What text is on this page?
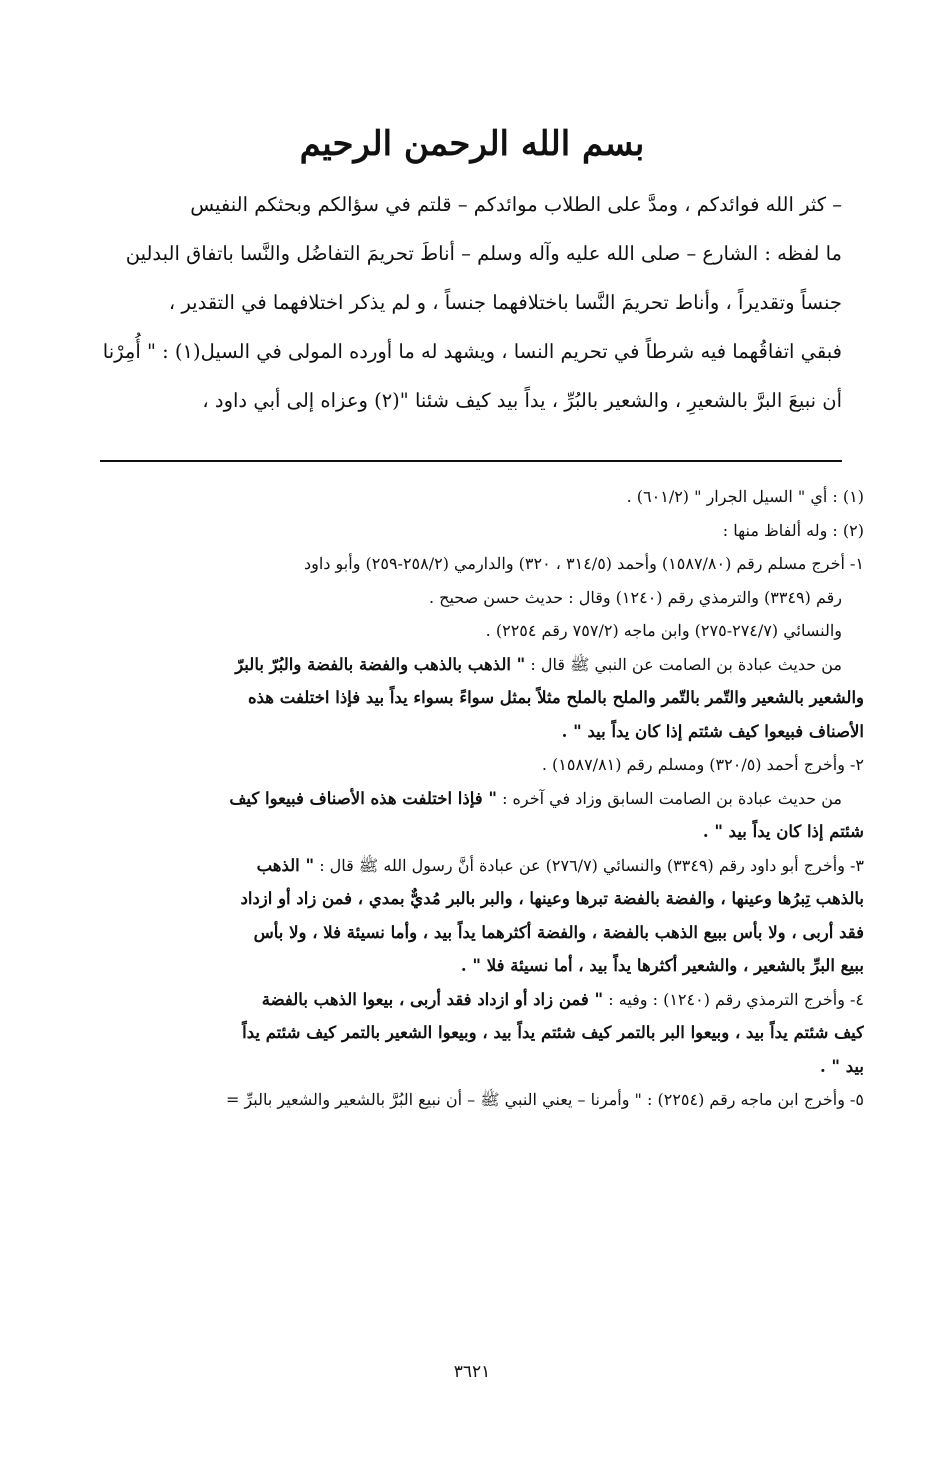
بسم الله الرحمن الرحيم
– كثر الله فوائدكم ، ومدَّ على الطلاب موائدكم – قلتم في سؤالكم وبحثكم النفيس
ما لفظه : الشارع – صلى الله عليه وآله وسلم – أناطَ تحريمَ التفاضُل والنَّسا باتفاق البدلين
جنساً وتقديراً ، وأناط تحريمَ النَّسا باختلافهما جنساً ، و لم يذكر اختلافهما في التقدير ،
فبقي اتفاقُهما فيه شرطاً في تحريم النسا ، ويشهد له ما أورده المولى في السيل(١) : " أُمِرْنا
أن نبيعَ البرَّ بالشعيرِ ، والشعير بالبُرِّ ، يداً بيد كيف شئنا "(٢) وعزاه إلى أبي داود ،
(١) : أي " السيل الجرار " (٦٠١/٢) .
(٢) : وله ألفاظ منها :
١- أخرج مسلم رقم (١٥٨٧/٨٠) وأحمد (٣١٤/٥ ، ٣٢٠) والدارمي (٢٥٨/٢-٢٥٩) وأبو داود
رقم (٣٣٤٩) والترمذي رقم (١٢٤٠) وقال : حديث حسن صحيح .
والنسائي (٢٧٤/٧-٢٧٥) وابن ماجه (٧٥٧/٢ رقم ٢٢٥٤) .
من حديث عبادة بن الصامت عن النبي ﷺ قال : " الذهب بالذهب والفضة بالفضة والبُرّ بالبرّ
والشعير بالشعير والتّمر بالتّمر والملح بالملح مثلاً بمثل سواءً بسواء يداً بيد فإذا اختلفت هذه
الأصناف فبيعوا كيف شئتم إذا كان يداً بيد " .
٢- وأخرج أحمد (٣٢٠/٥) ومسلم رقم (١٥٨٧/٨١) .
من حديث عبادة بن الصامت السابق وزاد في آخره : " فإذا اختلفت هذه الأصناف فبيعوا كيف
شئتم إذا كان يداً بيد " .
٣- وأخرج أبو داود رقم (٣٣٤٩) والنسائي (٢٧٦/٧) عن عبادة أنَّ رسول الله ﷺ قال : " الذهب
بالذهب تِبرُها وعينها ، والفضة بالفضة تبرها وعينها ، والبر بالبر مُديٌّ بمدي ، فمن زاد أو ازداد
فقد أربى ، ولا بأس ببيع الذهب بالفضة ، والفضة أكثرهما يداً بيد ، وأما نسيئة فلا ، ولا بأس
ببيع البرِّ بالشعير ، والشعير أكثرها يداً بيد ، أما نسيئة فلا " .
٤- وأخرج الترمذي رقم (١٢٤٠) : وفيه : " فمن زاد أو ازداد فقد أربى ، بيعوا الذهب بالفضة
كيف شئتم يداً بيد ، وبيعوا البر بالتمر كيف شئتم يداً بيد ، وبيعوا الشعير بالتمر كيف شئتم يداً
بيد " .
٥- وأخرج ابن ماجه رقم (٢٢٥٤) : " وأمرنا – يعني النبي ﷺ – أن نبيع البُرَّ بالشعير والشعير بالبرِّ =
٣٦٢١
